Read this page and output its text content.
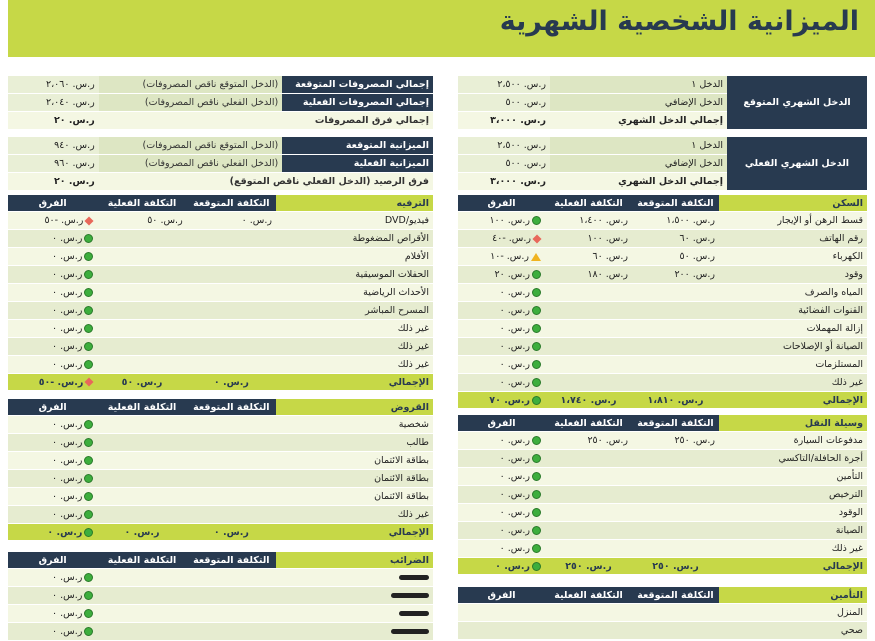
الميزانية الشخصية الشهرية
الدخل الشهري المتوقع	الدخل ١	ر.س. ٢،٥٠٠
	الدخل الإضافي	ر.س. ٥٠٠
	إجمالي الدخل الشهري	ر.س. ٣،٠٠٠

الدخل الشهري الفعلي	الدخل ١	ر.س. ٢،٥٠٠
	الدخل الإضافي	ر.س. ٥٠٠
	إجمالي الدخل الشهري	ر.س. ٣،٠٠٠
إجمالي المصروفات المتوقعة	(الدخل المتوقع ناقص المصروفات)	ر.س. ٢،٠٦٠
إجمالي المصروفات الفعلية	(الدخل الفعلي ناقص المصروفات)	ر.س. ٢،٠٤٠
إجمالي فرق المصروفات		ر.س. ٢٠

الميزانية المتوقعة	(الدخل المتوقع ناقص المصروفات)	ر.س. ٩٤٠
الميزانية الفعلية	(الدخل الفعلي ناقص المصروفات)	ر.س. ٩٦٠
فرق الرصيد (الدخل الفعلي ناقص المتوقع)		ر.س. ٢٠
السكن	التكلفة المتوقعة	التكلفة الفعلية	الفرق
قسط الرهن أو الإيجار	ر.س. ١،٥٠٠	ر.س. ١،٤٠٠	ر.س. ١٠٠
رقم الهاتف	ر.س. ٦٠	ر.س. ١٠٠	ر.س. -٤٠
الكهرباء	ر.س. ٥٠	ر.س. ٦٠	ر.س. -١٠
وقود	ر.س. ٢٠٠	ر.س. ١٨٠	ر.س. ٢٠
المياه والصرف			ر.س. ٠
القنوات الفضائية			ر.س. ٠
إزالة المهملات			ر.س. ٠
الصيانة أو الإصلاحات			ر.س. ٠
المستلزمات			ر.س. ٠
غير ذلك			ر.س. ٠
الإجمالي	ر.س. ١،٨١٠	ر.س. ١،٧٤٠	ر.س. ٧٠
وسيلة النقل	التكلفة المتوقعة	التكلفة الفعلية	الفرق
مدفوعات السيارة	ر.س. ٢٥٠	ر.س. ٢٥٠	ر.س. ٠
أجرة الحافلة/التاكسي			ر.س. ٠
التأمين			ر.س. ٠
الترخيص			ر.س. ٠
الوقود			ر.س. ٠
الصيانة			ر.س. ٠
غير ذلك			ر.س. ٠
الإجمالي	ر.س. ٢٥٠	ر.س. ٢٥٠	ر.س. ٠
التأمين	التكلفة المتوقعة	التكلفة الفعلية	الفرق
المنزل			
صحي			
الترفيه	التكلفة المتوقعة	التكلفة الفعلية	الفرق
فيديو/DVD	ر.س. ٠	ر.س. ٥٠	ر.س. -٥٠
الأقراص المضغوطة			ر.س. ٠
الأفلام			ر.س. ٠
الحفلات الموسيقية			ر.س. ٠
الأحداث الرياضية			ر.س. ٠
المسرح المباشر			ر.س. ٠
غير ذلك			ر.س. ٠
غير ذلك			ر.س. ٠
غير ذلك			ر.س. ٠
الإجمالي	ر.س. ٠	ر.س. ٥٠	ر.س. -٥٠
القروض	التكلفة المتوقعة	التكلفة الفعلية	الفرق
شخصية			ر.س. ٠
طالب			ر.س. ٠
بطاقة الائتمان			ر.س. ٠
بطاقة الائتمان			ر.س. ٠
بطاقة الائتمان			ر.س. ٠
غير ذلك			ر.س. ٠
الإجمالي	ر.س. ٠	ر.س. ٠	ر.س. ٠
الضرائب	التكلفة المتوقعة	التكلفة الفعلية	الفرق
			ر.س. ٠
			ر.س. ٠
			ر.س. ٠
			ر.س. ٠
